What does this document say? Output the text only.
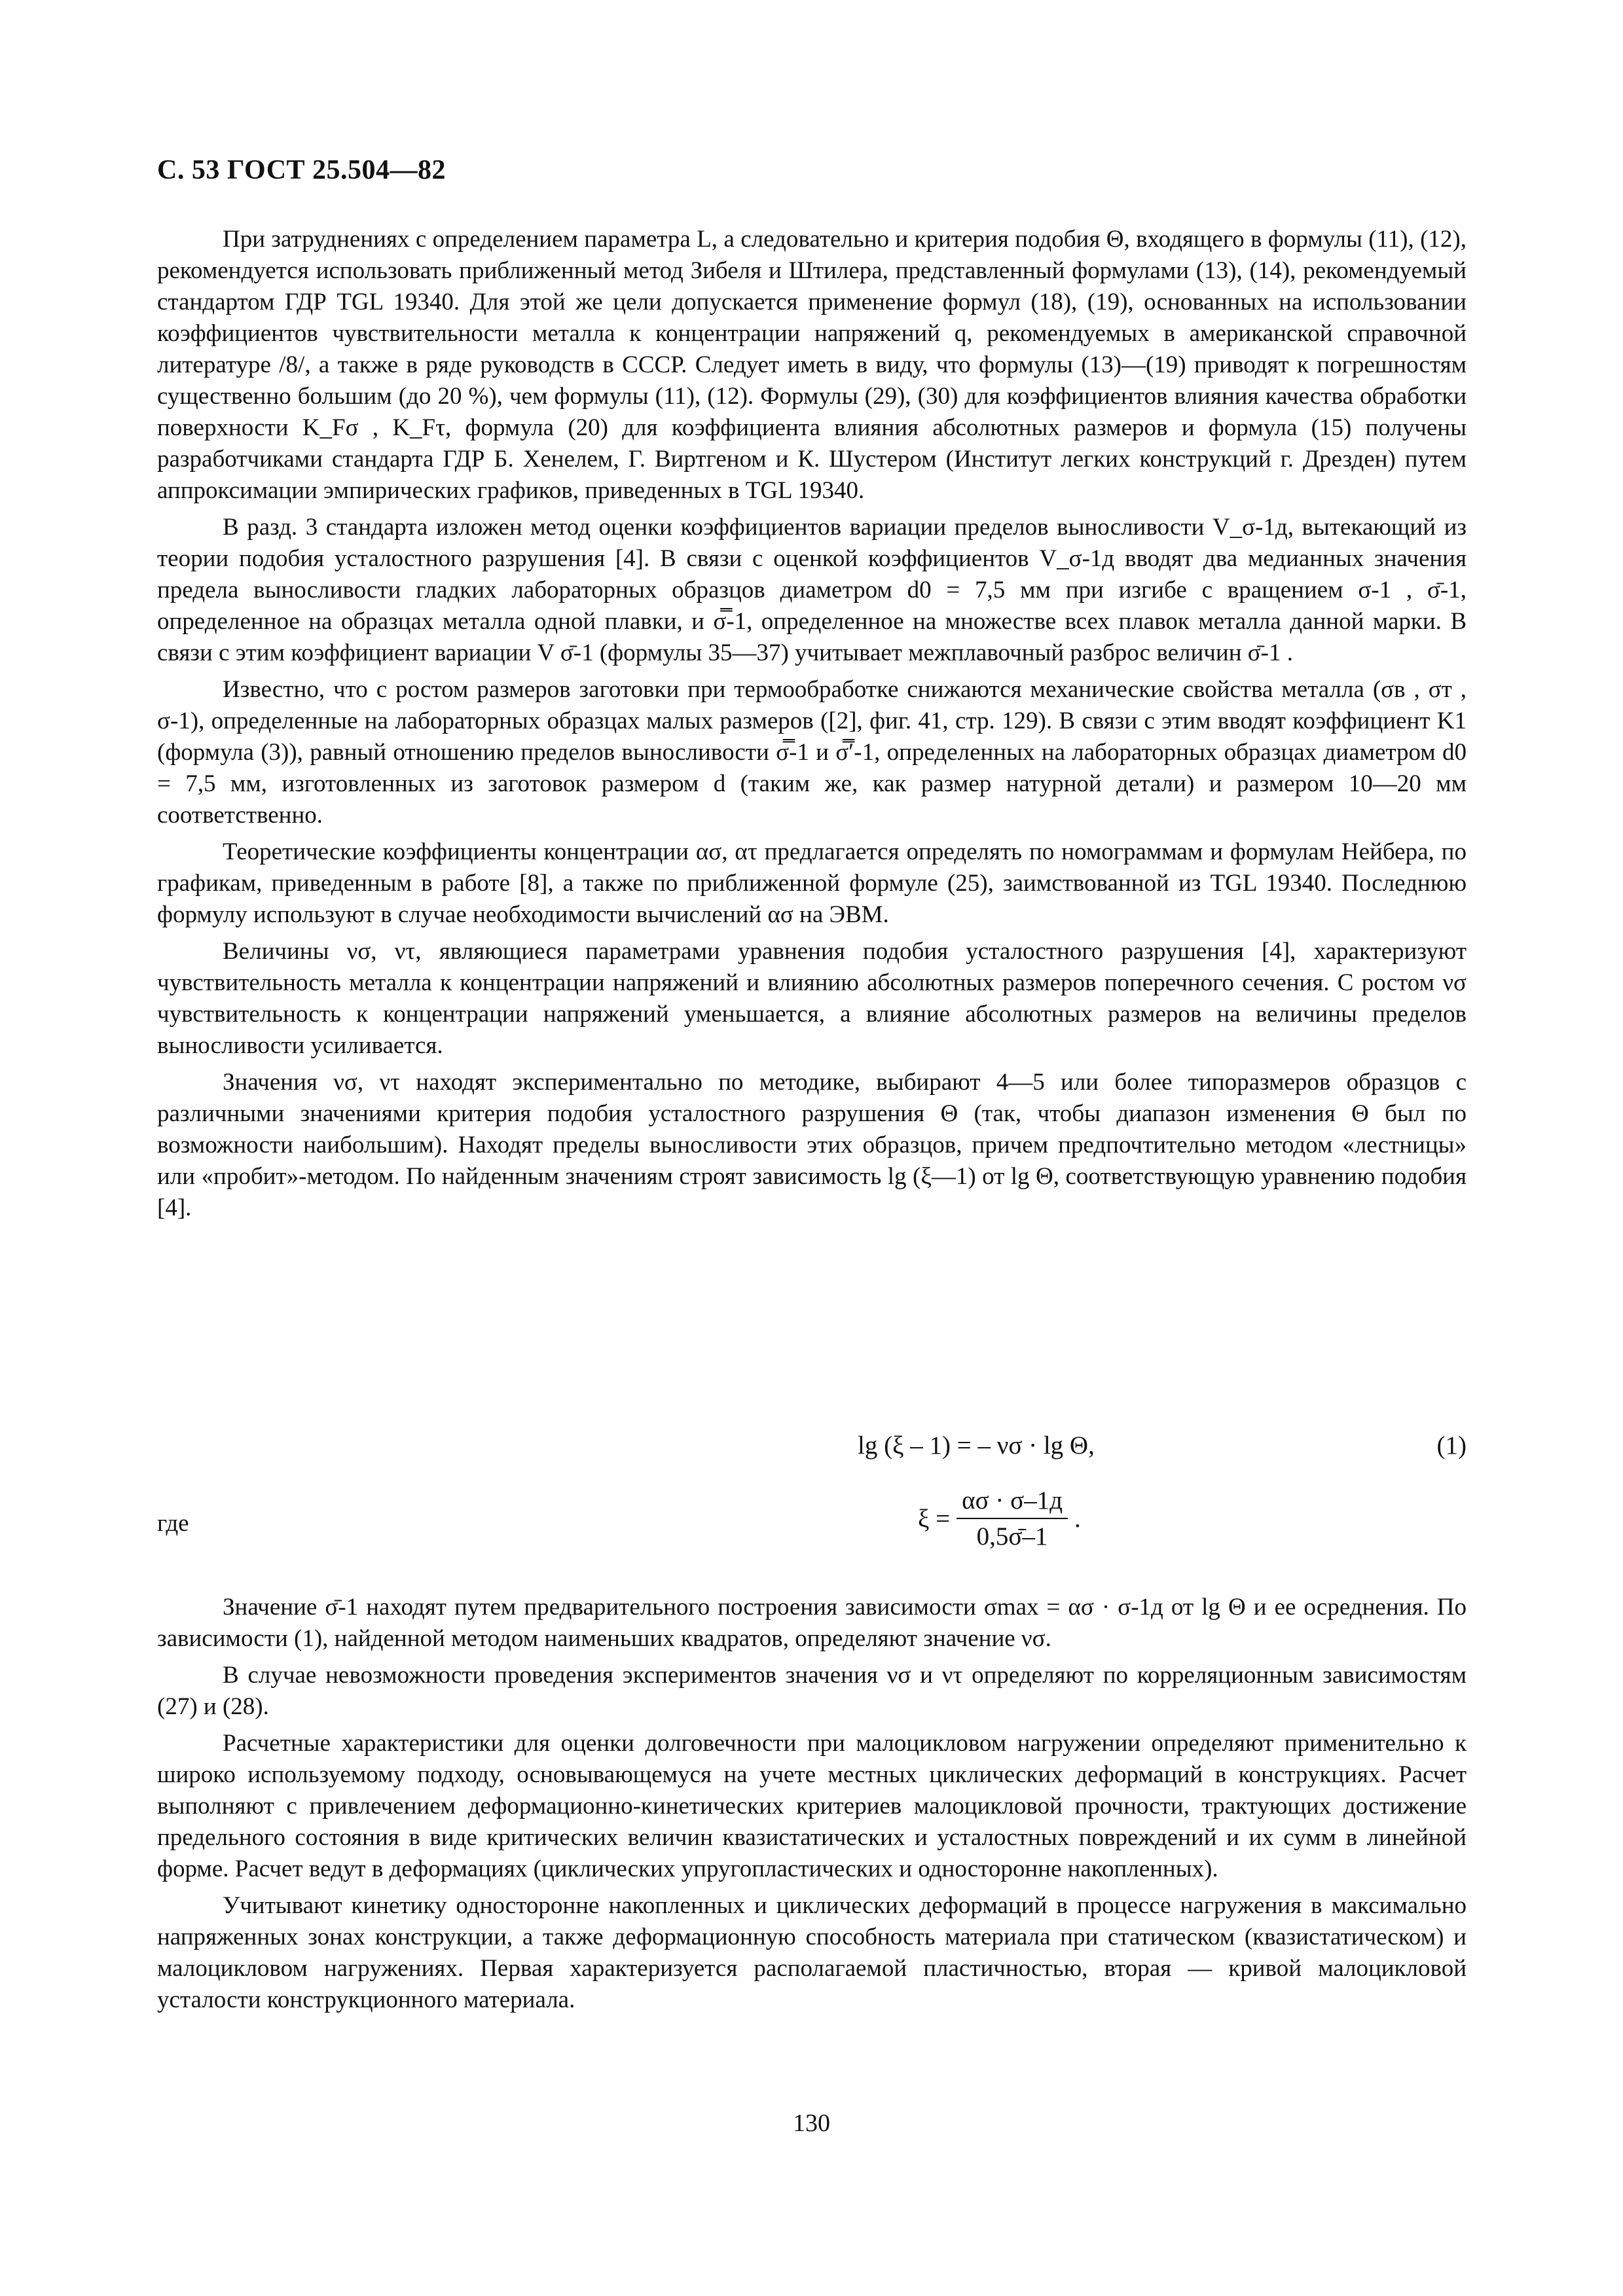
С. 53 ГОСТ 25.504—82

При затруднениях с определением параметра L, а следовательно и критерия подобия Θ, входящего в формулы (11), (12), рекомендуется использовать приближенный метод Зибеля и Штилера, представленный формулами (13), (14), рекомендуемый стандартом ГДР TGL 19340. Для этой же цели допускается применение формул (18), (19), основанных на использовании коэффициентов чувствительности металла к концентрации напряжений q, рекомендуемых в американской справочной литературе /8/, а также в ряде руководств в СССР. Следует иметь в виду, что формулы (13)—(19) приводят к погрешностям существенно большим (до 20 %), чем формулы (11), (12). Формулы (29), (30) для коэффициентов влияния качества обработки поверхности K_Fσ , K_Fτ, формула (20) для коэффициента влияния абсолютных размеров и формула (15) получены разработчиками стандарта ГДР Б. Хенелем, Г. Виртгеном и К. Шустером (Институт легких конструкций г. Дрезден) путем аппроксимации эмпирических графиков, приведенных в TGL 19340.

В разд. 3 стандарта изложен метод оценки коэффициентов вариации пределов выносливости V_σ-1д, вытекающий из теории подобия усталостного разрушения [4]. В связи с оценкой коэффициентов V_σ-1д вводят два медианных значения предела выносливости гладких лабораторных образцов диаметром d0 = 7,5 мм при изгибе с вращением σ-1 , σ̄-1, определенное на образцах металла одной плавки, и σ̿-1, определенное на множестве всех плавок металла данной марки. В связи с этим коэффициент вариации V σ̄-1 (формулы 35—37) учитывает межплавочный разброс величин σ̄-1 .

Известно, что с ростом размеров заготовки при термообработке снижаются механические свойства металла (σв , σт , σ-1), определенные на лабораторных образцах малых размеров ([2], фиг. 41, стр. 129). В связи с этим вводят коэффициент K1 (формула (3)), равный отношению пределов выносливости σ̿-1 и σ̿′-1, определенных на лабораторных образцах диаметром d0 = 7,5 мм, изготовленных из заготовок размером d (таким же, как размер натурной детали) и размером 10—20 мм соответственно.

Теоретические коэффициенты концентрации ασ, ατ предлагается определять по номограммам и формулам Нейбера, по графикам, приведенным в работе [8], а также по приближенной формуле (25), заимствованной из TGL 19340. Последнюю формулу используют в случае необходимости вычислений ασ на ЭВМ.

Величины νσ, ντ, являющиеся параметрами уравнения подобия усталостного разрушения [4], характеризуют чувствительность металла к концентрации напряжений и влиянию абсолютных размеров поперечного сечения. С ростом νσ чувствительность к концентрации напряжений уменьшается, а влияние абсолютных размеров на величины пределов выносливости усиливается.

Значения νσ, ντ находят экспериментально по методике, выбирают 4—5 или более типоразмеров образцов с различными значениями критерия подобия усталостного разрушения Θ (так, чтобы диапазон изменения Θ был по возможности наибольшим). Находят пределы выносливости этих образцов, причем предпочтительно методом «лестницы» или «пробит»-методом. По найденным значениям строят зависимость lg (ξ—1) от lg Θ, соответствующую уравнению подобия [4].

lg (ξ – 1) = – νσ · lg Θ,	(1)
где	ξ =
ασ · σ–1д
0,5σ̄–1
.

Значение σ̄-1 находят путем предварительного построения зависимости σmax = ασ · σ-1д от lg Θ и ее осреднения. По зависимости (1), найденной методом наименьших квадратов, определяют значение νσ.

В случае невозможности проведения экспериментов значения νσ и ντ определяют по корреляционным зависимостям (27) и (28).

Расчетные характеристики для оценки долговечности при малоцикловом нагружении определяют применительно к широко используемому подходу, основывающемуся на учете местных циклических деформаций в конструкциях. Расчет выполняют с привлечением деформационно-кинетических критериев малоцикловой прочности, трактующих достижение предельного состояния в виде критических величин квазистатических и усталостных повреждений и их сумм в линейной форме. Расчет ведут в деформациях (циклических упругопластических и односторонне накопленных).

Учитывают кинетику односторонне накопленных и циклических деформаций в процессе нагружения в максимально напряженных зонах конструкции, а также деформационную способность материала при статическом (квазистатическом) и малоцикловом нагружениях. Первая характеризуется располагаемой пластичностью, вторая — кривой малоцикловой усталости конструкционного материала.

130
